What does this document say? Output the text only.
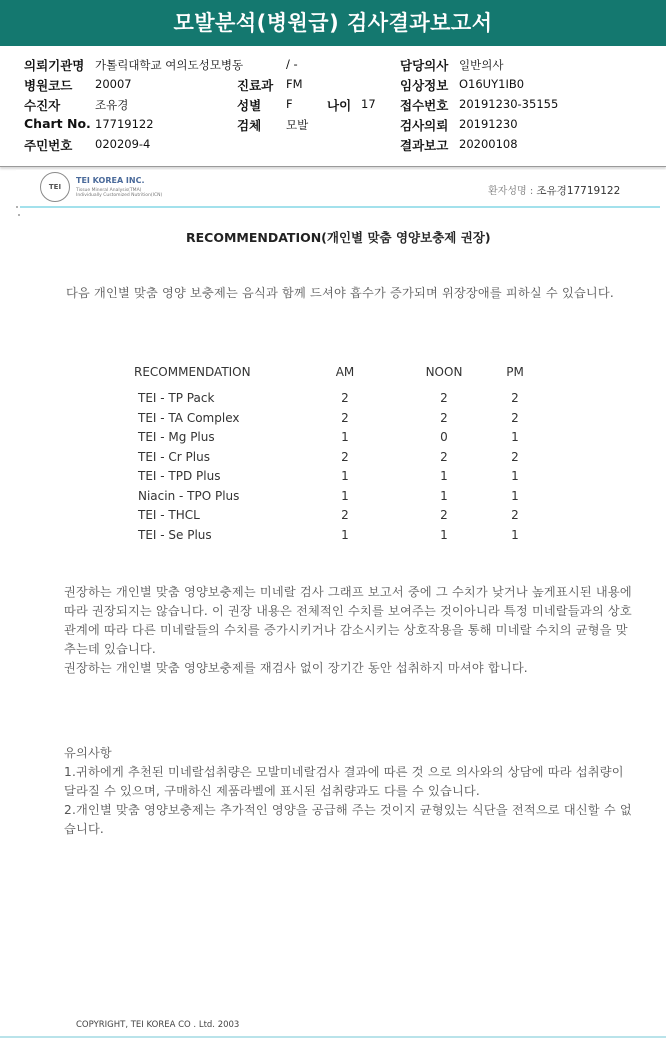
모발분석(병원급) 검사결과보고서
의뢰기관명 가톨릭대학교 여의도성모병동	/ -	담당의사 일반의사
병원코드 20007	진료과 FM	임상정보 O16UY1IB0
수진자	조유경	성별 F	나이 17 접수번호 20191230-35155
Chart No. 17719122	검체 모발	검사의뢰 20191230
주민번호 020209-4	결과보고 20200108
TEI
TEI KOREA INC.
Tissue Mineral Analysis(TMA)
Individually Customized Nutrition(ICN)	환자성명 : 조유경17719122
RECOMMENDATION(개인별 맞춤 영양보충제 권장)
다음 개인별 맞춤 영양 보충제는 음식과 함께 드셔야 흡수가 증가되며 위장장애를 피하실 수 있습니다.
RECOMMENDATION	AM	NOON	PM
TEI - TP Pack	2	2	2
TEI - TA Complex	2	2	2
TEI - Mg Plus	1	0	1
TEI - Cr Plus	2	2	2
TEI - TPD Plus	1	1	1
Niacin - TPO Plus	1	1	1
TEI - THCL	2	2	2
TEI - Se Plus	1	1	1
권장하는 개인별 맞춤 영양보충제는 미네랄 검사 그래프 보고서 중에 그 수치가 낮거나 높게표시된 내용에 따라 권장되지는 않습니다. 이 권장 내용은 전체적인 수치를 보여주는 것이아니라 특정 미네랄들과의 상호관계에 따라 다른 미네랄들의 수치를 증가시키거나 감소시키는 상호작용을 통해 미네랄 수치의 균형을 맞추는데 있습니다.
권장하는 개인별 맞춤 영양보충제를 재검사 없이 장기간 동안 섭취하지 마셔야 합니다.
유의사항
1.귀하에게 추천된 미네랄섭취량은 모발미네랄검사 결과에 따른 것 으로 의사와의 상담에 따라 섭취량이 달라질 수 있으며, 구매하신 제품라벨에 표시된 섭취량과도 다를 수 있습니다.
2.개인별 맞춤 영양보충제는 추가적인 영양을 공급해 주는 것이지 균형있는 식단을 전적으로 대신할 수 없습니다.
COPYRIGHT, TEI KOREA CO . Ltd. 2003
